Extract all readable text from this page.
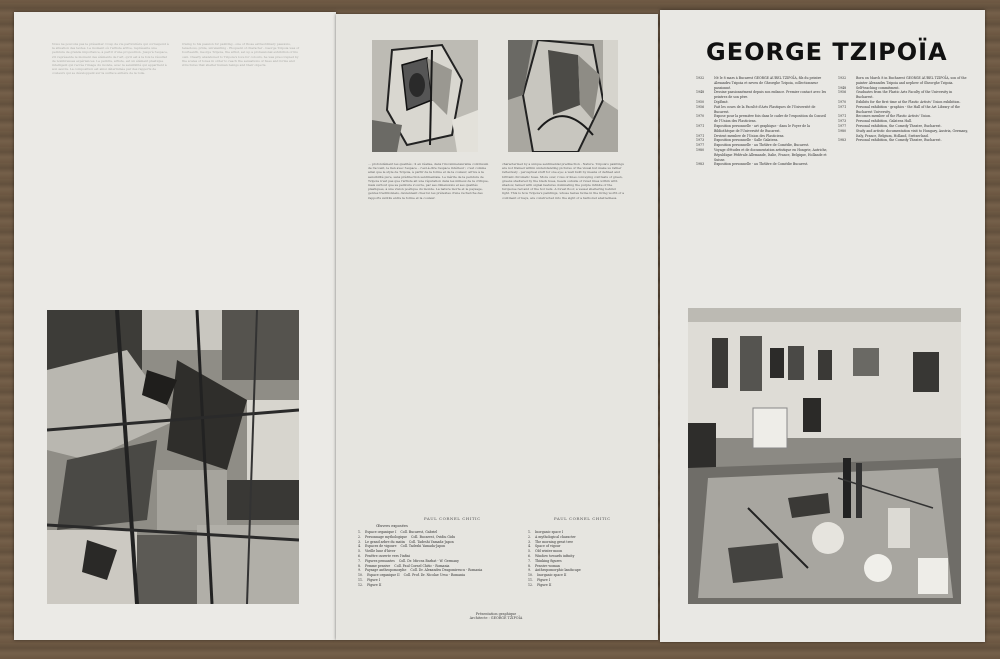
Nous ne pouvons pas le présenter. Coup de vie particulière qui correspond à la situation des textes. Le moment où l'artiste arrive, représente une peinture de grande importance, à partir d'une proposition. Jusqu'à l'espace, s'il représente le moment des éléments de l'art, qu'il est à la fois le résultat de nombreuses expériences. Le peintre, artiste, est un élément plastique intelligent qui recrée l'image du monde, avec la sensibilité qui appartient à son œuvre. La composition est ainsi déterminée par des rapports de couleurs qui se développent sur la surface entière de la toile.
Owing to his passion for painting - one of those extraordinary passions, tenacious, pride, unrelenting - Eloquent of character - George Tzipoia was of fourteenth, George Tzipoia, the artist, set up a professional exhibition of his own. Clearly abandoned to Tzipoia's love for colours, he was preoccupied by the scales of tones in order to reach the sensations of hues and forms and structures that shelter human beings and their objects.
... profondément les qualités ; il en réalise, dans l'incommensurable continuum de l'accent, le lien avec l'espace - c'est-à-dire l'espace intérieur ; c'est comme ainsi que le style de Tzipoia, à partir de la forme et de la couleur, arrive à la sensibilité pure, sans prédilection sentimentale. Le mérite de la peinture de Tzipoia n'est pas que l'artiste ait une réputation dans les milieux de la critique, mais surtout que sa peinture s'ouvre, par ses dimensions et ses qualités plastiques, à une vision poétique du monde. La nature morte et le paysage, genres traditionnels, deviennent chez lui les prétextes d'une recherche des rapports subtils entre la forme et la couleur.
characterized by a unique sentimental predilection - Nature. Tzipoia's paintings are not framed within understanding pictures of the visual but make us rather reflexively - perceptual stuff for one eye; a wall built by means of defined and brittant chromatic hues. More over, rows of lines conveying contrasts of green, greens sheltered by the black hues, heads outside of ruled lines within with shadow, tamed with signal features dominating the purple infinite of the turquoise red and of the hot reds. A forest floor, a vessel sheltering behind light. This is how Tzipoia's paintings, whose tastes twine in the living worth of a continent of bays, are constructed into the sight of a harbored abettedness.
PAUL CORNEL CHITIC	PAUL CORNEL CHITIC
Œuvres exposées
1. Espace organique I Coll. Bucarest, Gabriel
2. Personnage mythologique Coll. Bucarest, Ovidiu Gidu
3. Le grand arbre du matin Coll. Tadeshi Yamada-Japon
4. Espaces de vigoure Coll. Tadeshi Yamada-Japon
5. Vieille lune d'hiver
6. Fenêtre ouverte vers l'infini
7. Figures pensantes Coll. Dr. Mircea Barbat - W. Germany
8. Femme pensive Coll. Paul Cornel Chitic - Romania
9. Paysage anthropomorphe Coll. Dr. Alexandru Dragomirescu - Romania
10. Espace organique II Coll. Prof. Dr. Nicolae Ursu - Romania
11. Figure I
12. Figure II
1. Inorganic space I
2. A mythological character
3. The morning great tree
4. Space of vigour
5. Old winter moon
6. Window towards infinity
7. Thinking figures
8. Pensive woman
9. Anthropomorphic landscape
10. Inorganic space II
11. Figure I
12. Figure II
Présentation graphique
Architecte : GEORGE TZIPOÏA
GEORGE TZIPOÏA
1932	Né le 8 mars à Bucarest GEORGE AUREL TZIPOÏA, fils du peintre Alexandru Tzipoia et neveu de Gheorghe Tzipoia, collectionneur passionné.
1948	Dessine passionnément depuis son enfance. Premier contact avec les peintres de son père.
1950	Diplômé.
1956	Fait les cours de la Faculté d'Arts Plastiques de l'Université de Bucarest.
1970	Expose pour la première fois dans le cadre de l'exposition du Conseil de l'Union des Plasticiens.
1971	Exposition personnelle - art graphique - dans le Foyer de la Bibliothèque de l'Université de Bucarest.
1971	Devient membre de l'Union des Plasticiens.
1973	Exposition personnelle - Salle Galateea.
1977	Exposition personnelle - au Théâtre de Comédie, Bucarest.
1980	Voyage d'études et de documentation artistique en Hongrie, Autriche, République Fédérale Allemande, Italie, France, Belgique, Hollande et Suisse.
1983	Exposition personnelle - au Théâtre de Comédie Bucarest.
1932	Born on March 8 in Bucharest GEORGE AUREL TZIPOÏA, son of the painter Alexandru Tzipoia and nephew of Gheorghe Tzipoia.
1948	Self-teaching commitment.
1956	Graduates from the Plastic Arts Faculty of the University in Bucharest.
1970	Exhibits for the first time at the Plastic Artists' Union exhibition.
1971	Personal exhibition - graphics - the Hall of the Art Library of the Bucharest University.
1971	Becomes member of the Plastic Artists' Union.
1973	Personal exhibition, Galateea Hall.
1977	Personal exhibition, the Comedy Theatre, Bucharest.
1980	Study and artistic documentation visit to Hungary, Austria, Germany, Italy, France, Belgium, Holland, Switzerland.
1983	Personal exhibition, the Comedy Theatre, Bucharest.
